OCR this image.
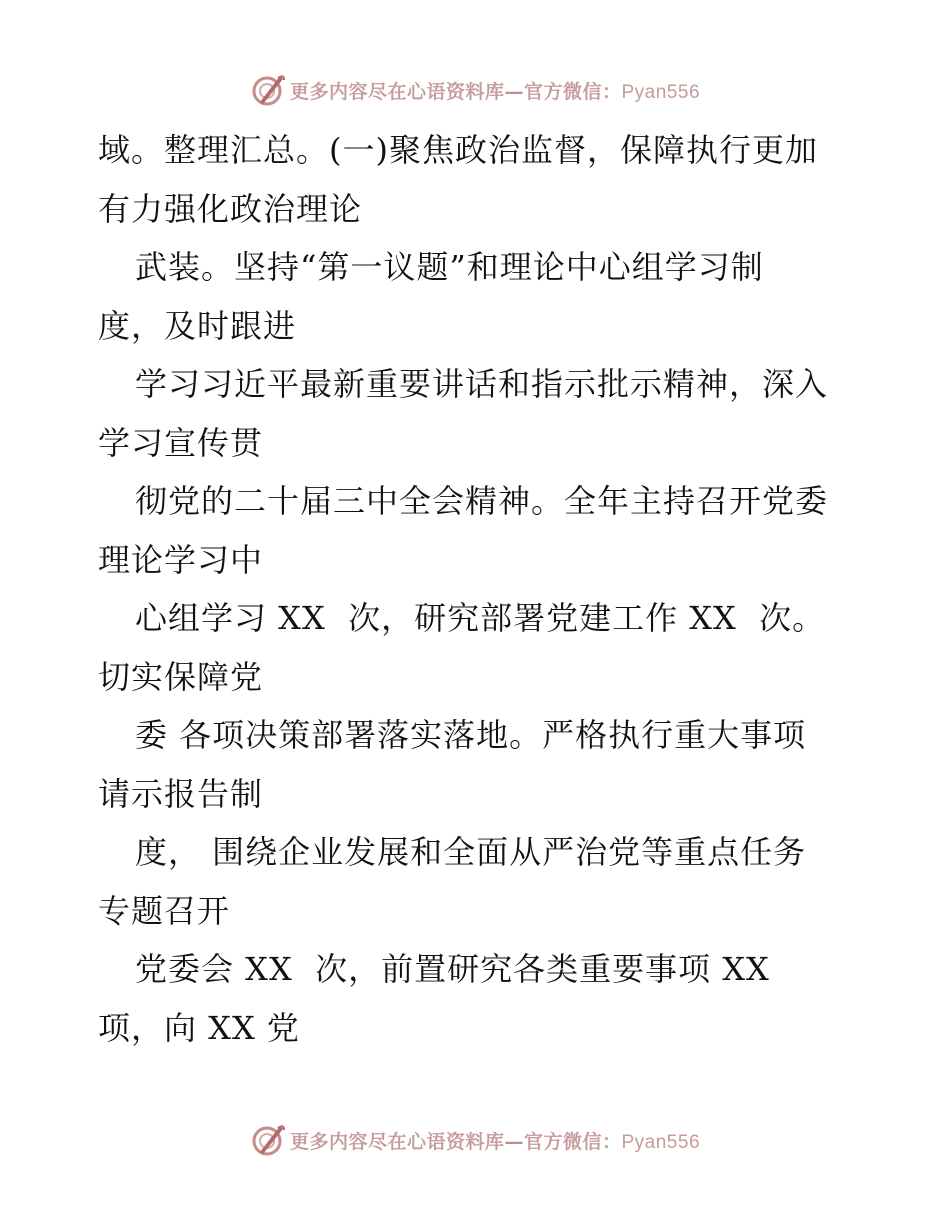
更多内容尽在心语资料库—官方微信：Pyan556
域。整理汇总。(一)聚焦政治监督，保障执行更加
有力强化政治理论
武装。坚持“第一议题”和理论中心组学习制
度，及时跟进
学习习近平最新重要讲话和指示批示精神，深入
学习宣传贯
彻党的二十届三中全会精神。全年主持召开党委
理论学习中
心组学习 XX  次，研究部署党建工作 XX  次。
切实保障党
委 各项决策部署落实落地。严格执行重大事项
请示报告制
度， 围绕企业发展和全面从严治党等重点任务
专题召开
党委会 XX  次，前置研究各类重要事项 XX
项，向 XX 党
更多内容尽在心语资料库—官方微信：Pyan556
